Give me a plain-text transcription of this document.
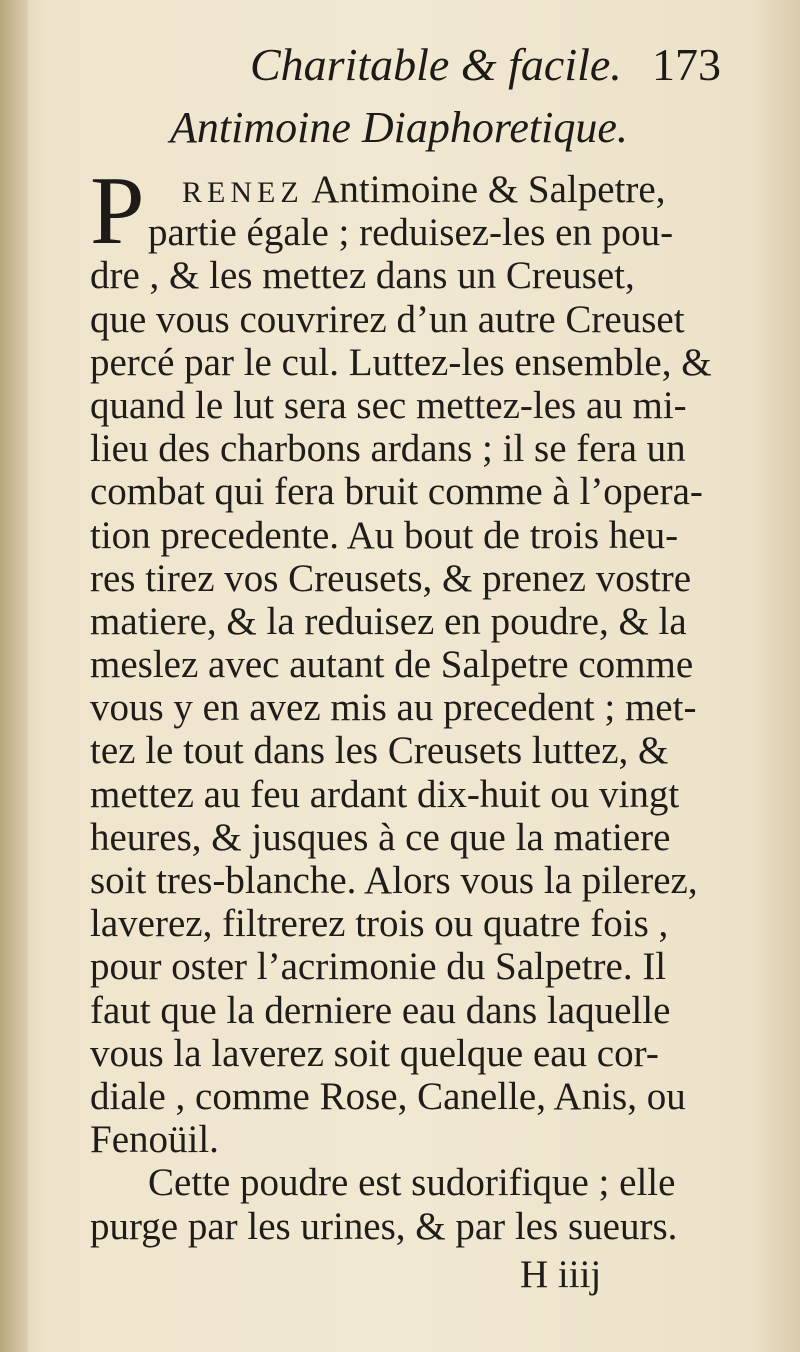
Charitable & facile. 173
Antimoine Diaphoretique.
P	RENEZ Antimoine & Salpetre,
partie égale ; reduisez-les en pou-
dre , & les mettez dans un Creuset,
que vous couvrirez d’un autre Creuset
percé par le cul. Luttez-les ensemble, &
quand le lut sera sec mettez-les au mi-
lieu des charbons ardans ; il se fera un
combat qui fera bruit comme à l’opera-
tion precedente. Au bout de trois heu-
res tirez vos Creusets, & prenez vostre
matiere, & la reduisez en poudre, & la
meslez avec autant de Salpetre comme
vous y en avez mis au precedent ; met-
tez le tout dans les Creusets luttez, &
mettez au feu ardant dix-huit ou vingt
heures, & jusques à ce que la matiere
soit tres-blanche. Alors vous la pilerez,
laverez, filtrerez trois ou quatre fois ,
pour oster l’acrimonie du Salpetre. Il
faut que la derniere eau dans laquelle
vous la laverez soit quelque eau cor-
diale , comme Rose, Canelle, Anis, ou
Fenoüil.
Cette poudre est sudorifique ; elle
purge par les urines, & par les sueurs.
H iiij
